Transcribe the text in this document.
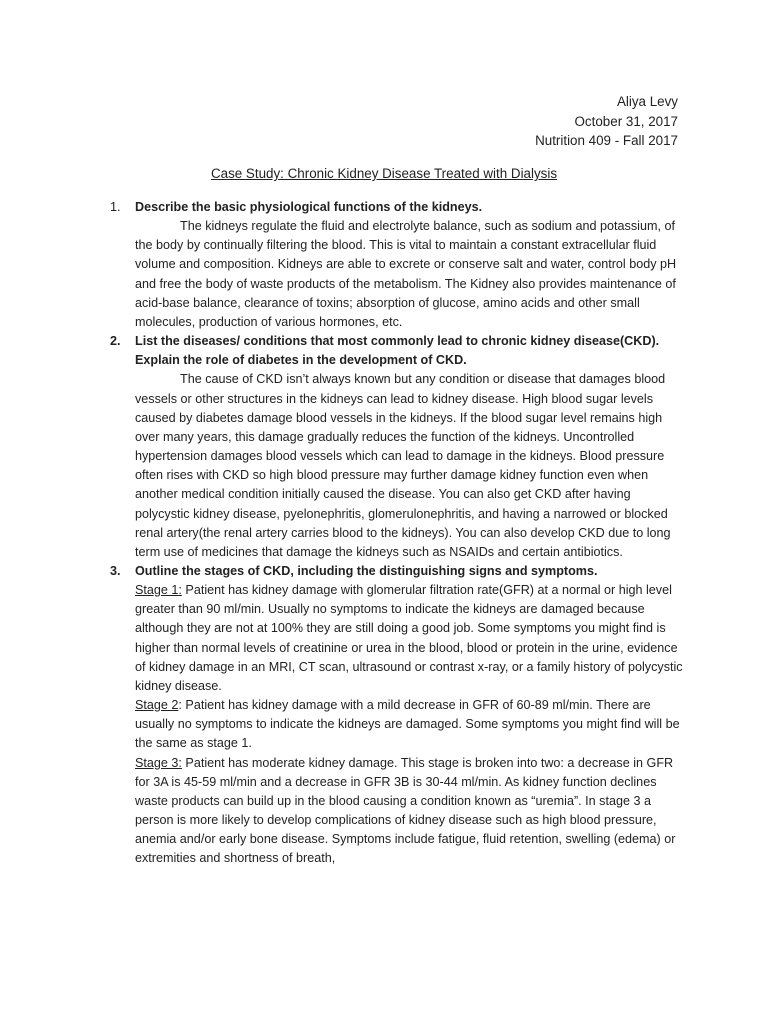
Aliya Levy
October 31, 2017
Nutrition 409 - Fall 2017
Case Study: Chronic Kidney Disease Treated with Dialysis
1. Describe the basic physiological functions of the kidneys.

The kidneys regulate the fluid and electrolyte balance, such as sodium and potassium, of the body by continually filtering the blood. This is vital to maintain a constant extracellular fluid volume and composition. Kidneys are able to excrete or conserve salt and water, control body pH and free the body of waste products of the metabolism. The Kidney also provides maintenance of acid-base balance, clearance of toxins; absorption of glucose, amino acids and other small molecules, production of various hormones, etc.

2. List the diseases/ conditions that most commonly lead to chronic kidney disease(CKD). Explain the role of diabetes in the development of CKD.

The cause of CKD isn’t always known but any condition or disease that damages blood vessels or other structures in the kidneys can lead to kidney disease. High blood sugar levels caused by diabetes damage blood vessels in the kidneys. If the blood sugar level remains high over many years, this damage gradually reduces the function of the kidneys. Uncontrolled hypertension damages blood vessels which can lead to damage in the kidneys. Blood pressure often rises with CKD so high blood pressure may further damage kidney function even when another medical condition initially caused the disease. You can also get CKD after having polycystic kidney disease, pyelonephritis, glomerulonephritis, and having a narrowed or blocked renal artery(the renal artery carries blood to the kidneys). You can also develop CKD due to long term use of medicines that damage the kidneys such as NSAIDs and certain antibiotics.

3. Outline the stages of CKD, including the distinguishing signs and symptoms.

Stage 1: Patient has kidney damage with glomerular filtration rate(GFR) at a normal or high level greater than 90 ml/min. Usually no symptoms to indicate the kidneys are damaged because although they are not at 100% they are still doing a good job. Some symptoms you might find is higher than normal levels of creatinine or urea in the blood, blood or protein in the urine, evidence of kidney damage in an MRI, CT scan, ultrasound or contrast x-ray, or a family history of polycystic kidney disease.

Stage 2: Patient has kidney damage with a mild decrease in GFR of 60-89 ml/min. There are usually no symptoms to indicate the kidneys are damaged. Some symptoms you might find will be the same as stage 1.

Stage 3: Patient has moderate kidney damage. This stage is broken into two: a decrease in GFR for 3A is 45-59 ml/min and a decrease in GFR 3B is 30-44 ml/min. As kidney function declines waste products can build up in the blood causing a condition known as “uremia”. In stage 3 a person is more likely to develop complications of kidney disease such as high blood pressure, anemia and/or early bone disease. Symptoms include fatigue, fluid retention, swelling (edema) or extremities and shortness of breath,
